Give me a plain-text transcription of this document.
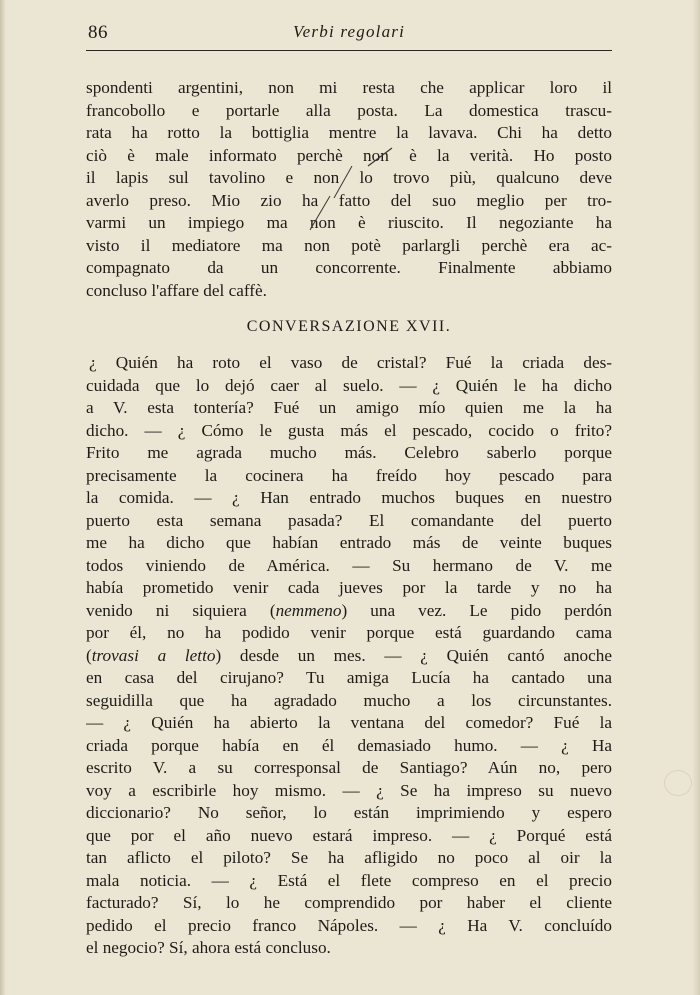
86	Verbi regolari
spondenti argentini, non mi resta che applicar loro il
francobollo e portarle alla posta. La domestica trascu-
rata ha rotto la bottiglia mentre la lavava. Chi ha detto
ciò è male informato perchè non è la verità. Ho posto
il lapis sul tavolino e non lo trovo più, qualcuno deve
averlo preso. Mio zio ha fatto del suo meglio per tro-
varmi un impiego ma non è riuscito. Il negoziante ha
visto il mediatore ma non potè parlargli perchè era ac-
compagnato da un concorrente. Finalmente abbiamo
concluso l'affare del caffè.
CONVERSAZIONE XVII.
¿ Quién ha roto el vaso de cristal? Fué la criada des-
cuidada que lo dejó caer al suelo. — ¿ Quién le ha dicho
a V. esta tontería? Fué un amigo mío quien me la ha
dicho. — ¿ Cómo le gusta más el pescado, cocido o frito?
Frito me agrada mucho más. Celebro saberlo porque
precisamente la cocinera ha freído hoy pescado para
la comida. — ¿ Han entrado muchos buques en nuestro
puerto esta semana pasada? El comandante del puerto
me ha dicho que habían entrado más de veinte buques
todos viniendo de América. — Su hermano de V. me
había prometido venir cada jueves por la tarde y no ha
venido ni siquiera (nemmeno) una vez. Le pido perdón
por él, no ha podido venir porque está guardando cama
(trovasi a letto) desde un mes. — ¿ Quién cantó anoche
en casa del cirujano? Tu amiga Lucía ha cantado una
seguidilla que ha agradado mucho a los circunstantes.
— ¿ Quién ha abierto la ventana del comedor? Fué la
criada porque había en él demasiado humo. — ¿ Ha
escrito V. a su corresponsal de Santiago? Aún no, pero
voy a escribirle hoy mismo. — ¿ Se ha impreso su nuevo
diccionario? No señor, lo están imprimiendo y espero
que por el año nuevo estará impreso. — ¿ Porqué está
tan aflicto el piloto? Se ha afligido no poco al oir la
mala noticia. — ¿ Está el flete compreso en el precio
facturado? Sí, lo he comprendido por haber el cliente
pedido el precio franco Nápoles. — ¿ Ha V. concluído
el negocio? Sí, ahora está concluso.
